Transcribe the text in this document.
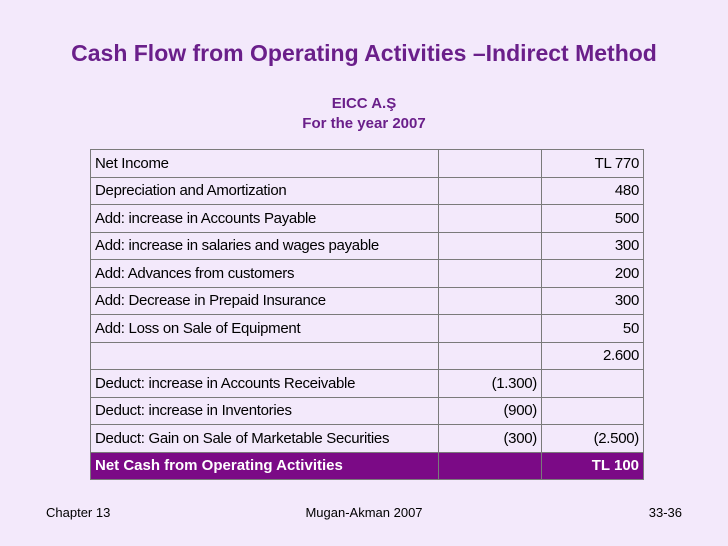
Cash Flow from Operating Activities –Indirect Method
EICC A.Ş
For the year 2007
Net Income		TL 770
Depreciation and Amortization		480
Add: increase in Accounts Payable		500
Add: increase in salaries and wages payable		300
Add: Advances from customers		200
Add: Decrease in Prepaid Insurance		300
Add: Loss on Sale of Equipment		50
		2.600
Deduct: increase in Accounts Receivable	(1.300)	
Deduct: increase in Inventories	(900)	
Deduct: Gain on Sale of Marketable Securities	(300)	(2.500)
Net Cash from Operating Activities		TL 100
Chapter 13	Mugan-Akman 2007	33-36
